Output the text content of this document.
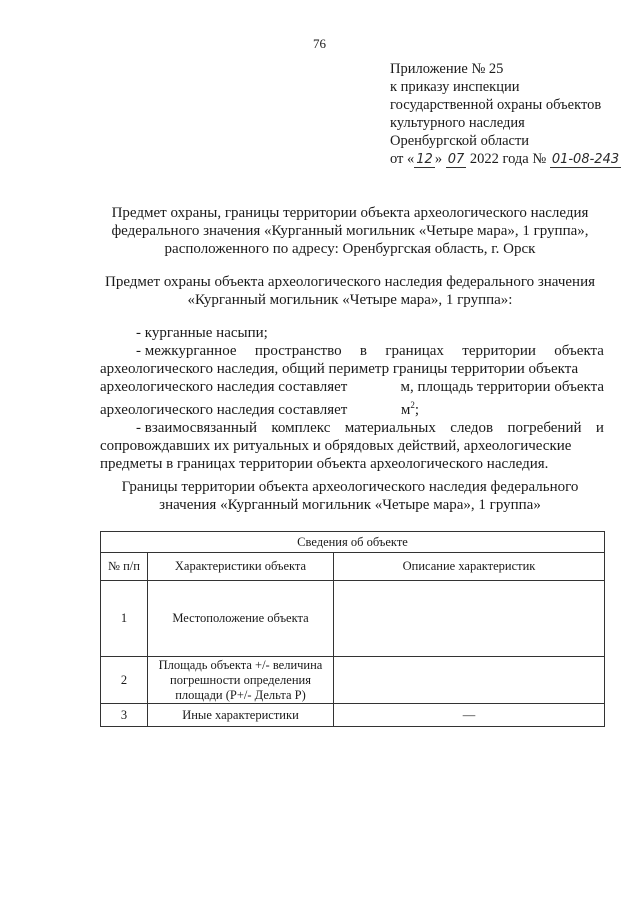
76
Приложение № 25
к приказу инспекции
государственной охраны объектов
культурного наследия
Оренбургской области
от « 12 » 07 2022 года № 01-08-243
Предмет охраны, границы территории объекта археологического наследия
федерального значения «Курганный могильник «Четыре мара», 1 группа»,
расположенного по адресу: Оренбургская область, г. Орск
Предмет охраны объекта археологического наследия федерального значения
«Курганный могильник «Четыре мара», 1 группа»:
- курганные насыпи;
- межкурганное пространство в границах территории объекта
археологического наследия, общий периметр границы территории объекта
археологического наследия составляет	м, площадь территории объекта
археологического наследия составляет	$м^2$;
- взаимосвязанный комплекс материальных следов погребений и
сопровождавших их ритуальных и обрядовых действий, археологические
предметы в границах территории объекта археологического наследия.
Границы территории объекта археологического наследия федерального
значения «Курганный могильник «Четыре мара», 1 группа»
Сведения об объекте		
№ п/п	Характеристики объекта	Описание характеристик
1	Местоположение объекта	
2	Площадь объекта +/- величина погрешности определения площади (P+/- Дельта P)	
3	Иные характеристики	—
